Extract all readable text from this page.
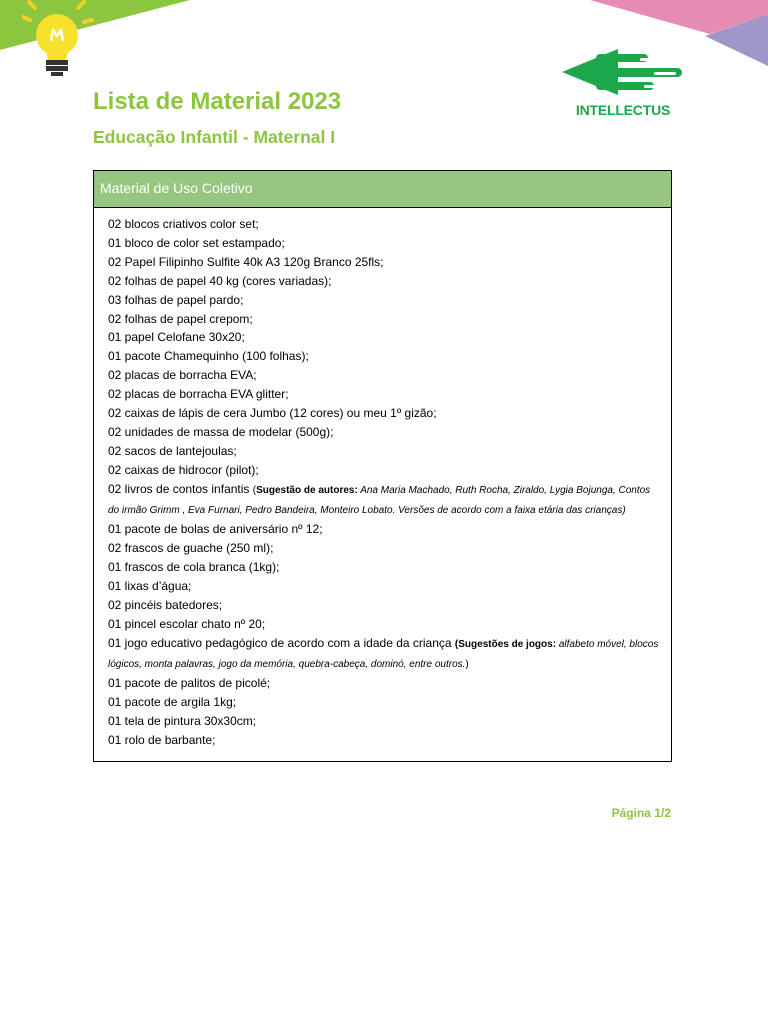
Lista de Material 2023
Educação Infantil - Maternal I
INTELLECTUS
Material de Uso Coletivo
02 blocos criativos color set;
01 bloco de color set estampado;
02 Papel Filipinho Sulfite 40k A3 120g Branco 25fls;
02 folhas de papel 40 kg (cores variadas);
03 folhas de papel pardo;
02 folhas de papel crepom;
01 papel Celofane 30x20;
01 pacote Chamequinho (100 folhas);
02 placas de borracha EVA;
02 placas de borracha EVA glitter;
02 caixas de lápis de cera Jumbo (12 cores) ou meu 1º gizão;
02 unidades de massa de modelar (500g);
02 sacos de lantejoulas;
02 caixas de hidrocor (pilot);
02 livros de contos infantis (Sugestão de autores: Ana Maria Machado, Ruth Rocha, Ziraldo, Lygia Bojunga, Contos do irmão Grimm , Eva Furnari, Pedro Bandeira, Monteiro Lobato. Versões de acordo com a faixa etária das crianças)
01 pacote de bolas de aniversário nº 12;
02 frascos de guache (250 ml);
01 frascos de cola branca (1kg);
01 lixas d’água;
02 pincéis batedores;
01 pincel escolar chato nº 20;
01 jogo educativo pedagógico de acordo com a idade da criança (Sugestões de jogos: alfabeto móvel, blocos lógicos, monta palavras, jogo da memória, quebra-cabeça, dominó, entre outros.)
01 pacote de palitos de picolé;
01 pacote de argila 1kg;
01 tela de pintura 30x30cm;
01 rolo de barbante;
Página 1/2
